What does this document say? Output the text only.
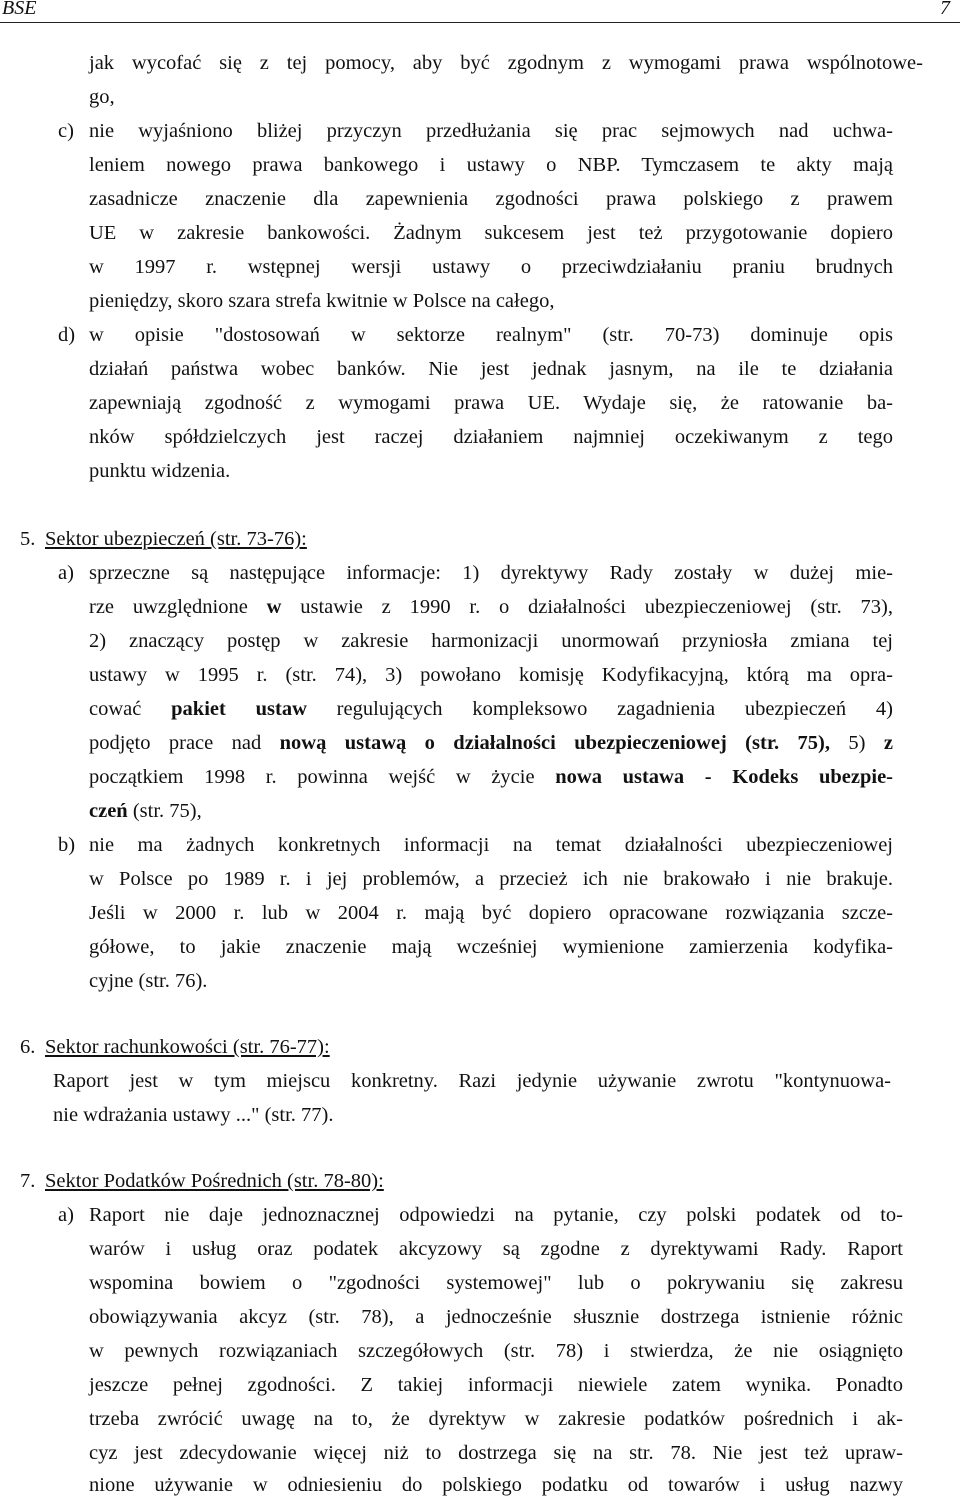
BSE	7
jak wycofać się z tej pomocy, aby być zgodnym z wymogami prawa wspólnotowe-
go,
c) nie wyjaśniono bliżej przyczyn przedłużania się prac sejmowych nad uchwa-
leniem nowego prawa bankowego i ustawy o NBP. Tymczasem te akty mają
zasadnicze znaczenie dla zapewnienia zgodności prawa polskiego z prawem
UE w zakresie bankowości. Żadnym sukcesem jest też przygotowanie dopiero
w 1997 r. wstępnej wersji ustawy o przeciwdziałaniu praniu brudnych
pieniędzy, skoro szara strefa kwitnie w Polsce na całego,
d) w opisie "dostosowań w sektorze realnym" (str. 70-73) dominuje opis
działań państwa wobec banków. Nie jest jednak jasnym, na ile te działania
zapewniają zgodność z wymogami prawa UE. Wydaje się, że ratowanie ba-
nków spółdzielczych jest raczej działaniem najmniej oczekiwanym z tego
punktu widzenia.
5. Sektor ubezpieczeń (str. 73-76):
a) sprzeczne są następujące informacje: 1) dyrektywy Rady zostały w dużej mie-
rze uwzględnione w ustawie z 1990 r. o działalności ubezpieczeniowej (str. 73),
2) znaczący postęp w zakresie harmonizacji unormowań przyniosła zmiana tej
ustawy w 1995 r. (str. 74), 3) powołano komisję Kodyfikacyjną, którą ma opra-
cować pakiet ustaw regulujących kompleksowo zagadnienia ubezpieczeń 4)
podjęto prace nad nową ustawą o działalności ubezpieczeniowej (str. 75), 5) z
początkiem 1998 r. powinna wejść w życie nowa ustawa - Kodeks ubezpie-
czeń (str. 75),
b) nie ma żadnych konkretnych informacji na temat działalności ubezpieczeniowej
w Polsce po 1989 r. i jej problemów, a przecież ich nie brakowało i nie brakuje.
Jeśli w 2000 r. lub w 2004 r. mają być dopiero opracowane rozwiązania szcze-
gółowe, to jakie znaczenie mają wcześniej wymienione zamierzenia kodyfika-
cyjne (str. 76).
6. Sektor rachunkowości (str. 76-77):
Raport jest w tym miejscu konkretny. Razi jedynie używanie zwrotu "kontynuowa-
nie wdrażania ustawy ..." (str. 77).
7. Sektor Podatków Pośrednich (str. 78-80):
a) Raport nie daje jednoznacznej odpowiedzi na pytanie, czy polski podatek od to-
warów i usług oraz podatek akcyzowy są zgodne z dyrektywami Rady. Raport
wspomina bowiem o "zgodności systemowej" lub o pokrywaniu się zakresu
obowiązywania akcyz (str. 78), a jednocześnie słusznie dostrzega istnienie różnic
w pewnych rozwiązaniach szczegółowych (str. 78) i stwierdza, że nie osiągnięto
jeszcze pełnej zgodności. Z takiej informacji niewiele zatem wynika. Ponadto
trzeba zwrócić uwagę na to, że dyrektyw w zakresie podatków pośrednich i ak-
cyz jest zdecydowanie więcej niż to dostrzega się na str. 78. Nie jest też upraw-
nione używanie w odniesieniu do polskiego podatku od towarów i usług nazwy
